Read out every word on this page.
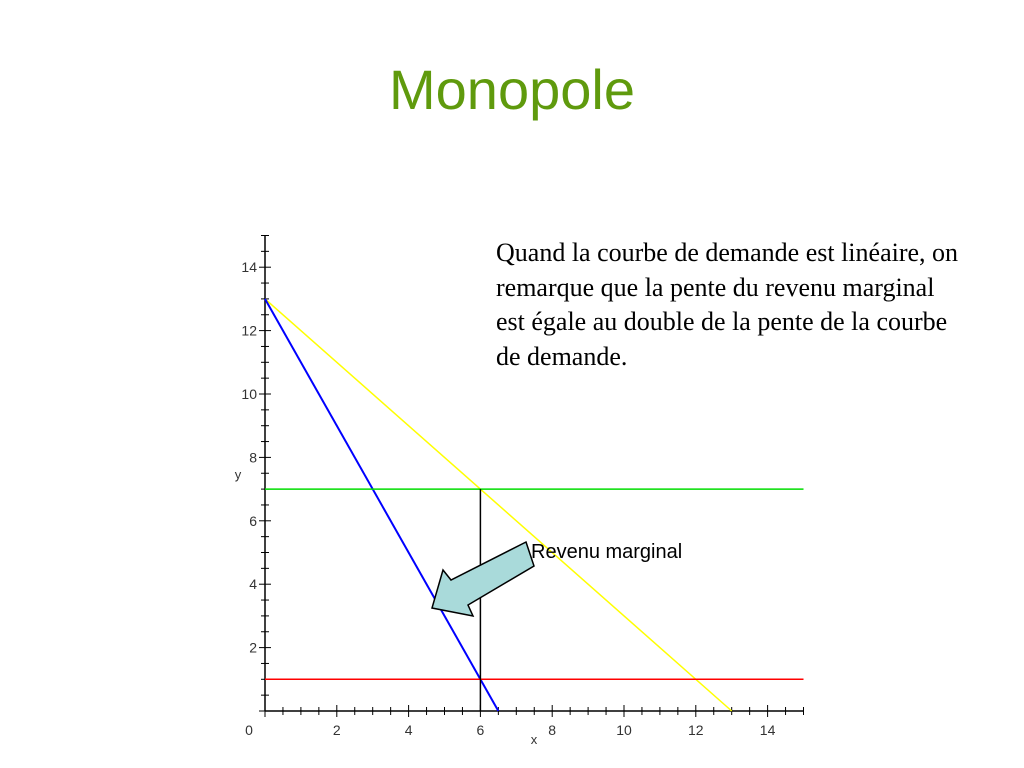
Monopole
Quand la courbe de demande est linéaire, on remarque que la pente du revenu marginal est égale au double de la pente de la courbe de demande.
0	2	4	6	8	10	12	14
2
4
6
8
10
12
14
x
y
Revenu marginal
